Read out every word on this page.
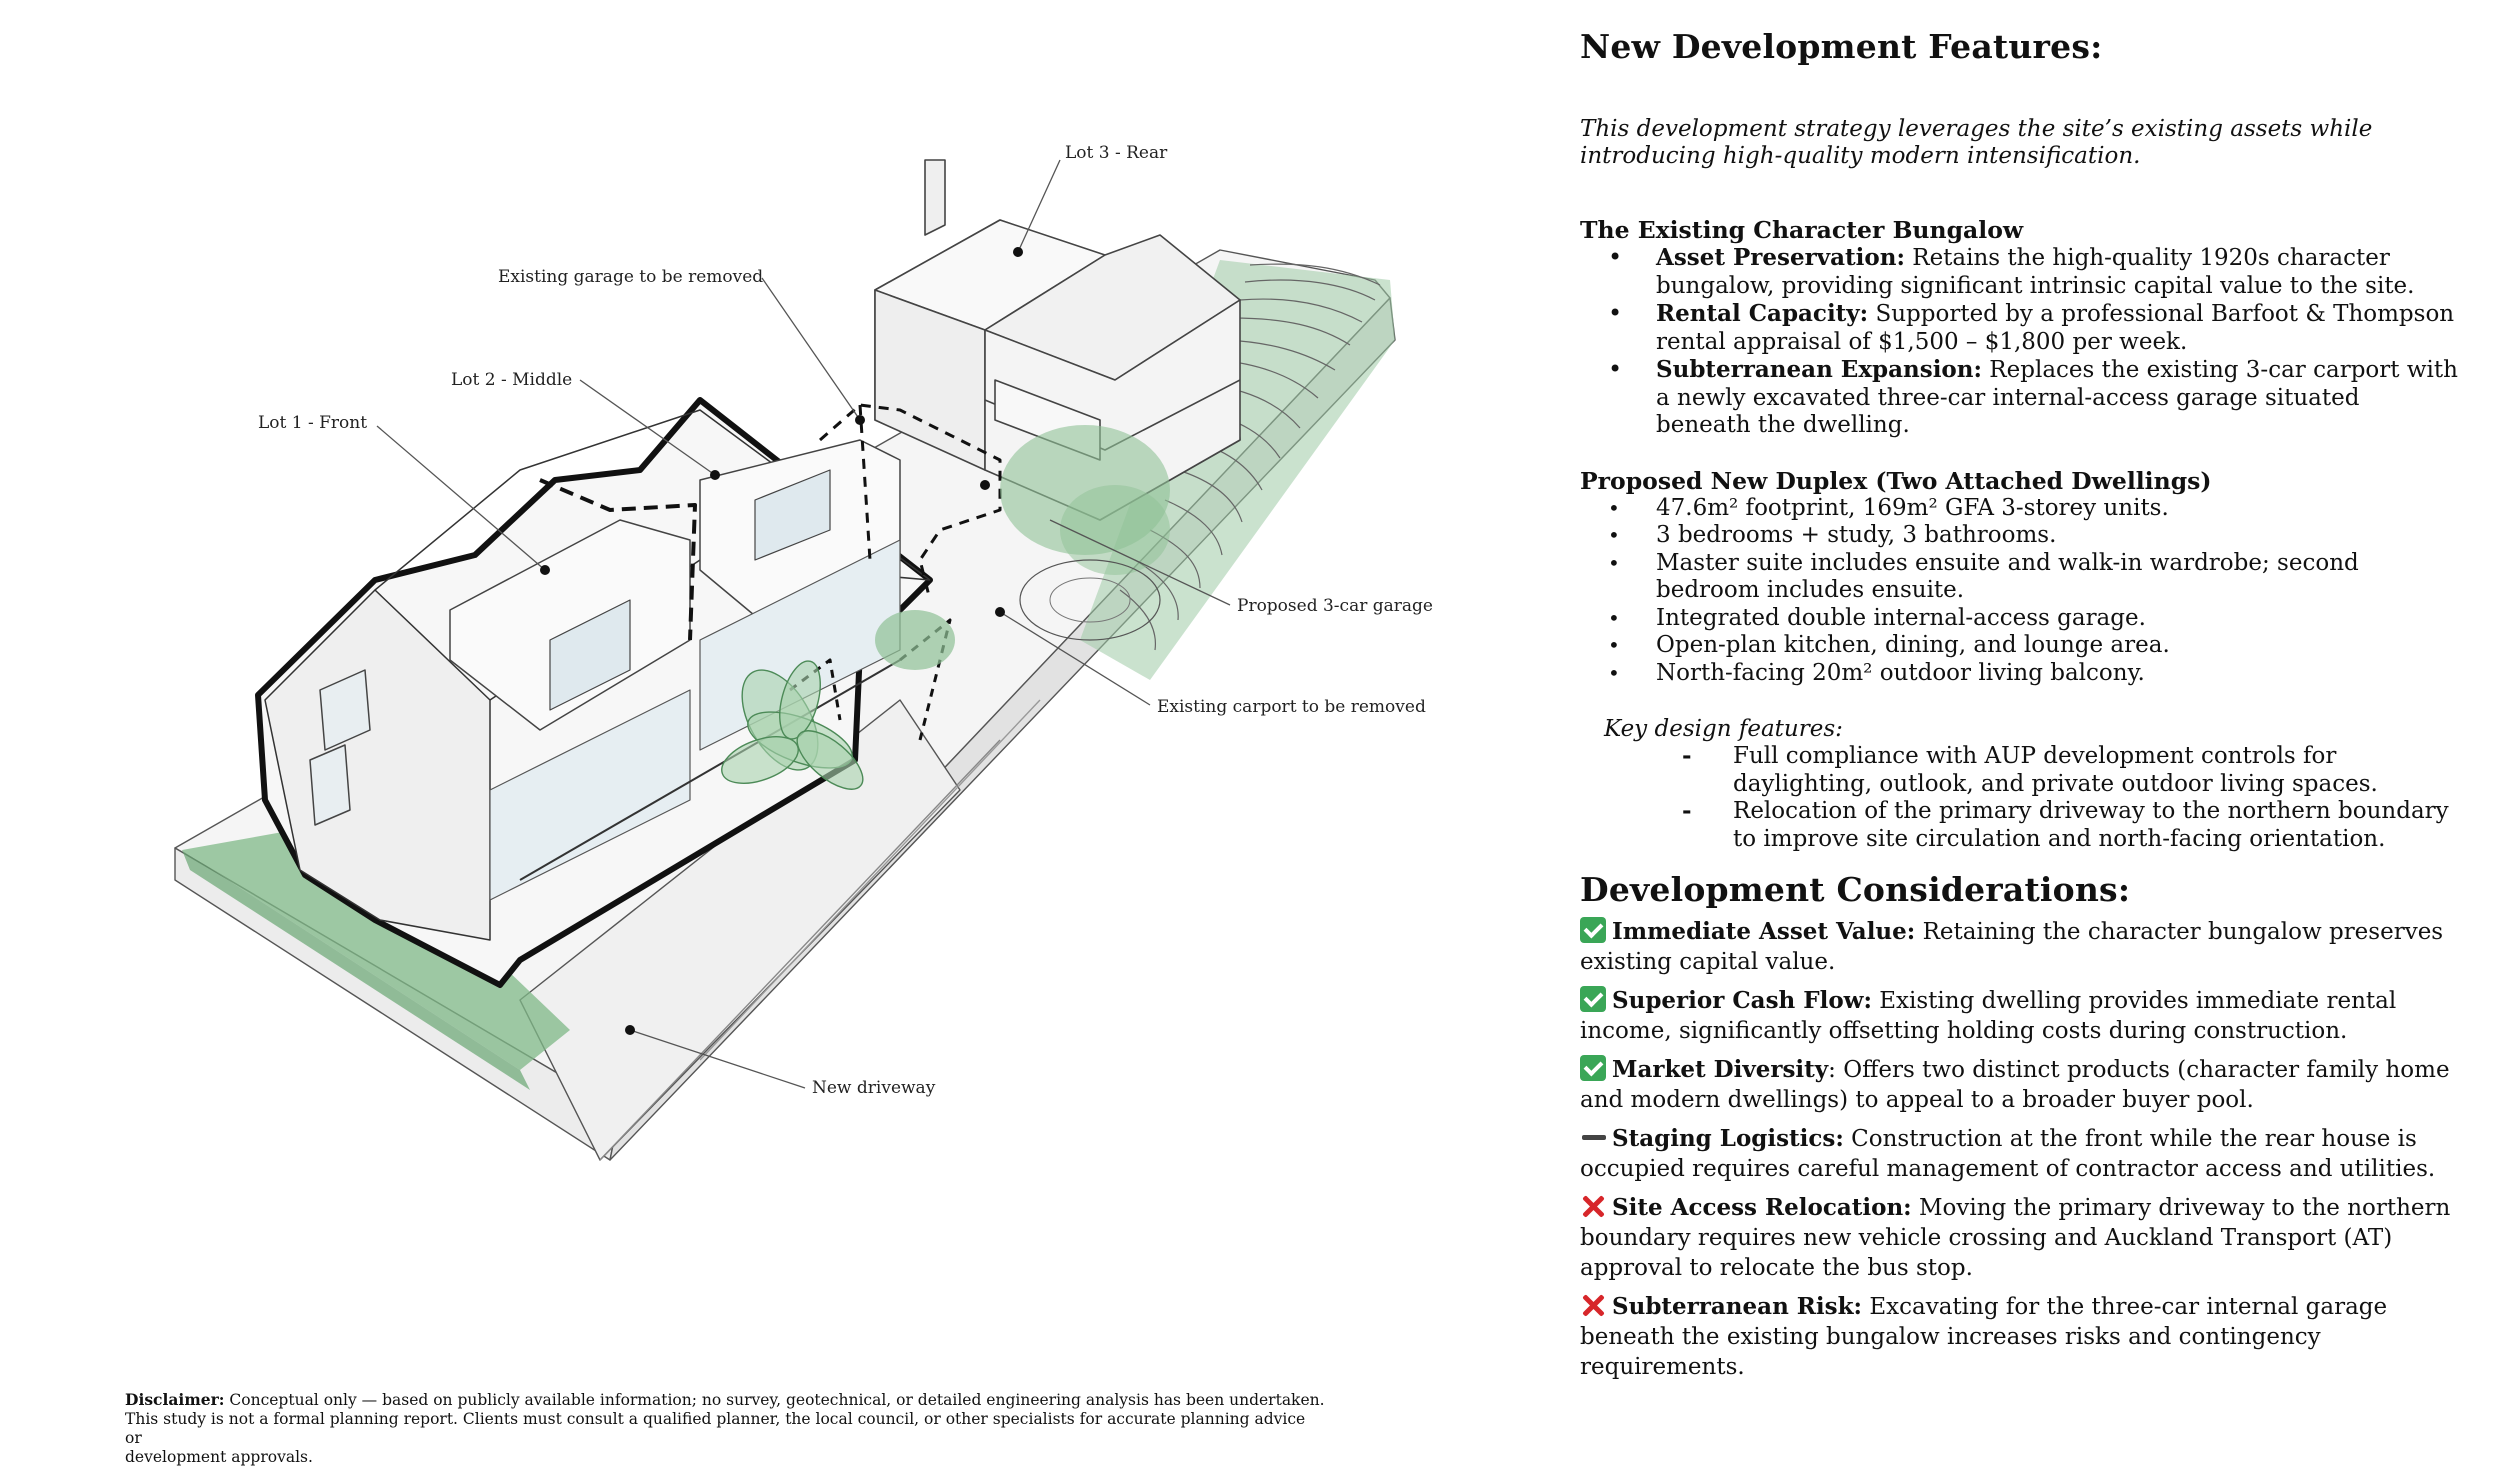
Lot 3 - Rear
Existing garage to be removed
Lot 2 - Middle
Lot 1 - Front
Proposed 3-car garage
Existing carport to be removed
New driveway
Disclaimer: Conceptual only — based on publicly available information; no survey, geotechnical, or detailed engineering analysis has been undertaken.
This study is not a formal planning report. Clients must consult a qualified planner, the local council, or other specialists for accurate planning advice or
development approvals.
New Development Features:

This development strategy leverages the site’s existing assets while introducing high-quality modern intensification.

The Existing Character Bungalow

• Asset Preservation: Retains the high-quality 1920s character bungalow, providing significant intrinsic capital value to the site.
• Rental Capacity: Supported by a professional Barfoot & Thompson rental appraisal of $1,500 – $1,800 per week.
• Subterranean Expansion: Replaces the existing 3-car carport with a newly excavated three-car internal-access garage situated beneath the dwelling.

Proposed New Duplex (Two Attached Dwellings)

• 47.6m² footprint, 169m² GFA 3-storey units.
• 3 bedrooms + study, 3 bathrooms.
• Master suite includes ensuite and walk-in wardrobe; second bedroom includes ensuite.
• Integrated double internal-access garage.
• Open-plan kitchen, dining, and lounge area.
• North-facing 20m² outdoor living balcony.

Key design features:

- Full compliance with AUP development controls for daylighting, outlook, and private outdoor living spaces.
- Relocation of the primary driveway to the northern boundary to improve site circulation and north-facing orientation.
Development Considerations:

Immediate Asset Value: Retaining the character bungalow preserves existing capital value.

Superior Cash Flow: Existing dwelling provides immediate rental income, significantly offsetting holding costs during construction.

Market Diversity: Offers two distinct products (character family home and modern dwellings) to appeal to a broader buyer pool.

Staging Logistics: Construction at the front while the rear house is occupied requires careful management of contractor access and utilities.

Site Access Relocation: Moving the primary driveway to the northern boundary requires new vehicle crossing and Auckland Transport (AT) approval to relocate the bus stop.

Subterranean Risk: Excavating for the three-car internal garage beneath the existing bungalow increases risks and contingency requirements.
